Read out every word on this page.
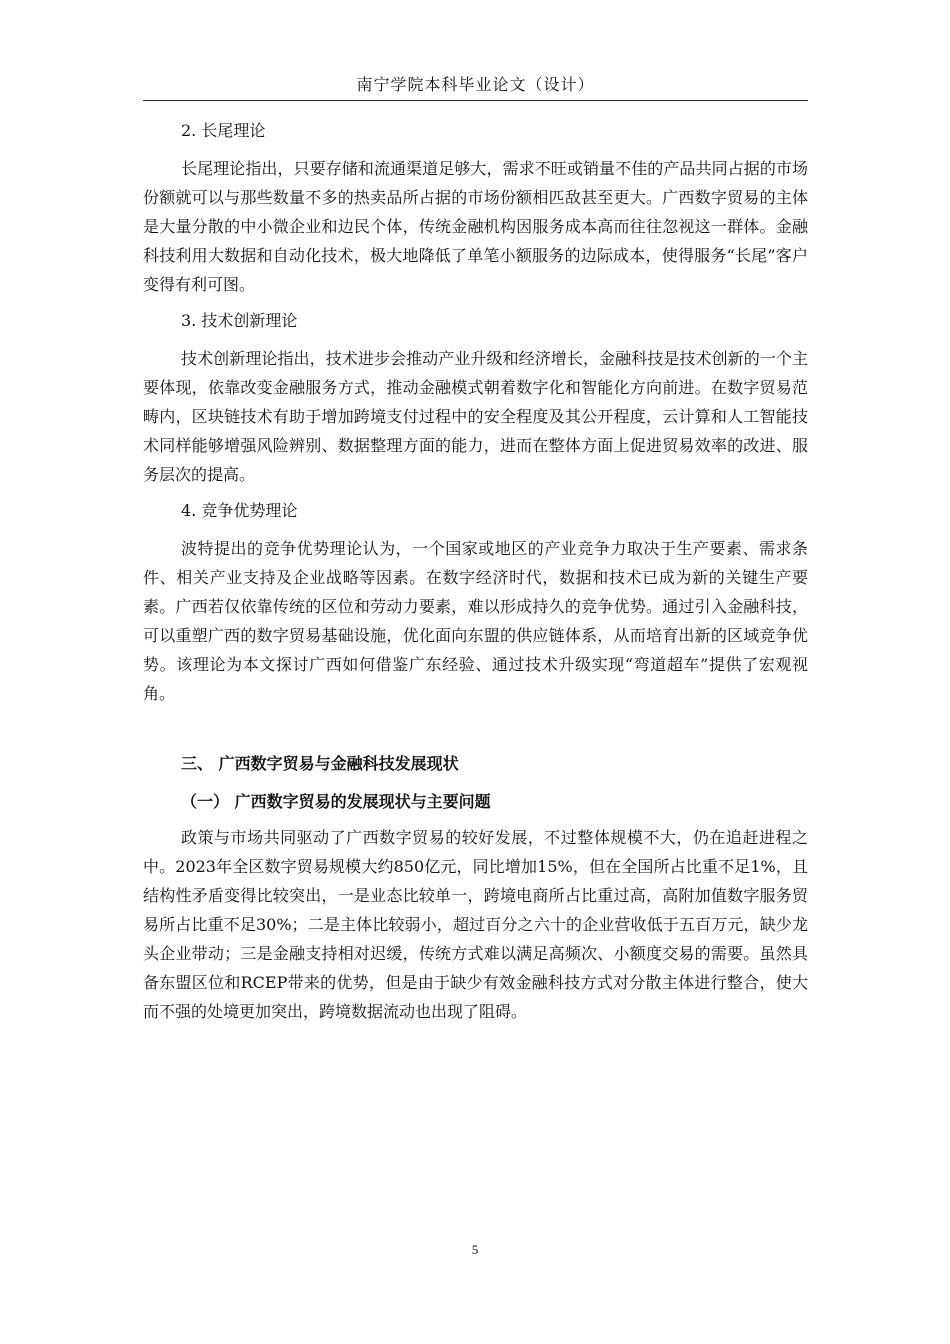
南宁学院本科毕业论文（设计）
2. 长尾理论

长尾理论指出，只要存储和流通渠道足够大，需求不旺或销量不佳的产品共同占据的市场份额就可以与那些数量不多的热卖品所占据的市场份额相匹敌甚至更大。广西数字贸易的主体是大量分散的中小微企业和边民个体，传统金融机构因服务成本高而往往忽视这一群体。金融科技利用大数据和自动化技术，极大地降低了单笔小额服务的边际成本，使得服务“长尾”客户变得有利可图。

3. 技术创新理论

技术创新理论指出，技术进步会推动产业升级和经济增长，金融科技是技术创新的一个主要体现，依靠改变金融服务方式，推动金融模式朝着数字化和智能化方向前进。在数字贸易范畴内，区块链技术有助于增加跨境支付过程中的安全程度及其公开程度，云计算和人工智能技术同样能够增强风险辨别、数据整理方面的能力，进而在整体方面上促进贸易效率的改进、服务层次的提高。

4. 竞争优势理论

波特提出的竞争优势理论认为，一个国家或地区的产业竞争力取决于生产要素、需求条件、相关产业支持及企业战略等因素。在数字经济时代，数据和技术已成为新的关键生产要素。广西若仅依靠传统的区位和劳动力要素，难以形成持久的竞争优势。通过引入金融科技，可以重塑广西的数字贸易基础设施，优化面向东盟的供应链体系，从而培育出新的区域竞争优势。该理论为本文探讨广西如何借鉴广东经验、通过技术升级实现“弯道超车”提供了宏观视角。

三、 广西数字贸易与金融科技发展现状
（一） 广西数字贸易的发展现状与主要问题

政策与市场共同驱动了广西数字贸易的较好发展，不过整体规模不大，仍在追赶进程之中。2023年全区数字贸易规模大约850亿元，同比增加15%，但在全国所占比重不足1%，且结构性矛盾变得比较突出，一是业态比较单一，跨境电商所占比重过高，高附加值数字服务贸易所占比重不足30%；二是主体比较弱小，超过百分之六十的企业营收低于五百万元，缺少龙头企业带动；三是金融支持相对迟缓，传统方式难以满足高频次、小额度交易的需要。虽然具备东盟区位和RCEP带来的优势，但是由于缺少有效金融科技方式对分散主体进行整合，使大而不强的处境更加突出，跨境数据流动也出现了阻碍。

5
